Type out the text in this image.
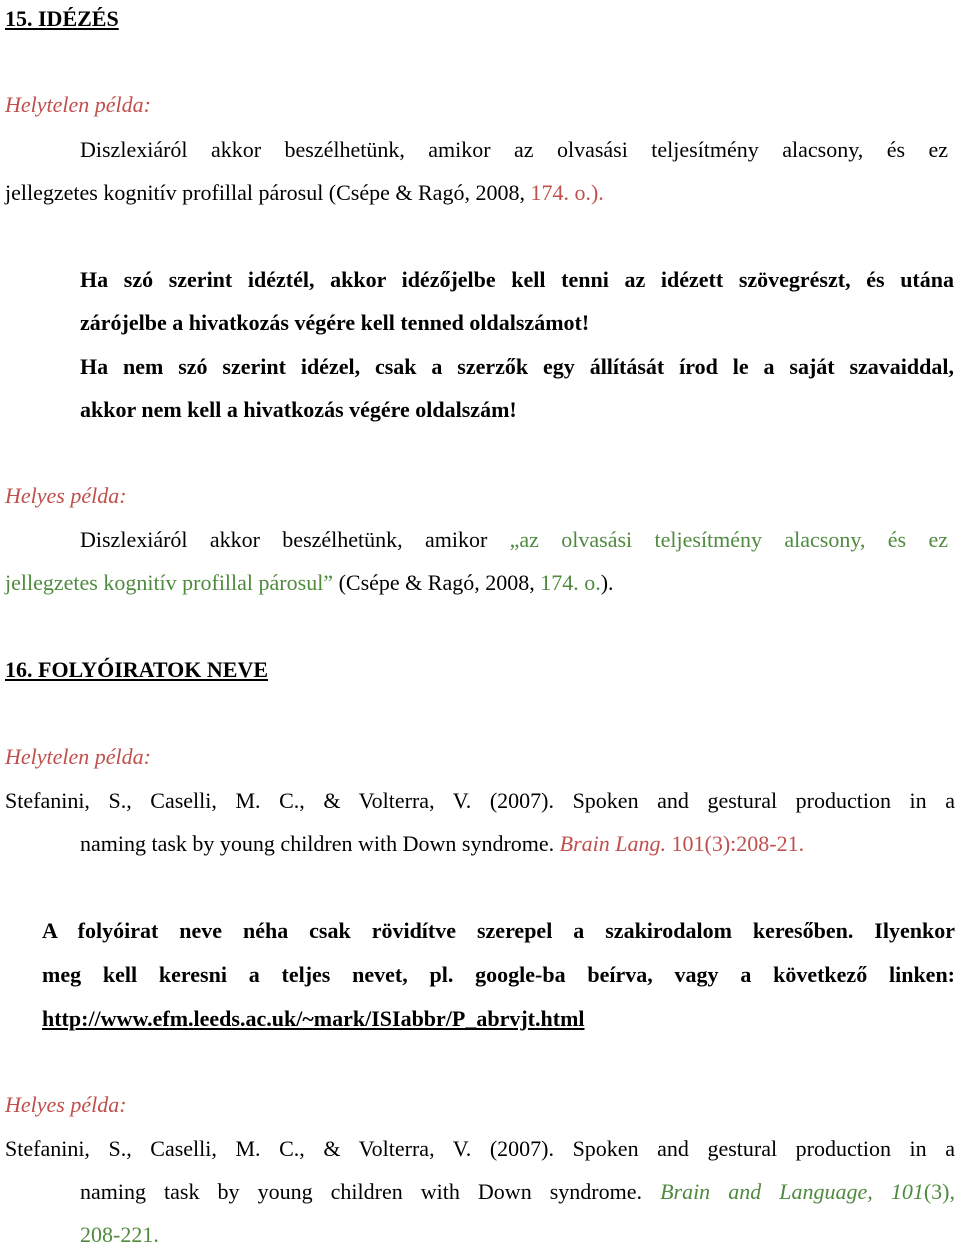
15. IDÉZÉS
Helytelen példa:
Diszlexiáról akkor beszélhetünk, amikor az olvasási teljesítmény alacsony, és ez
jellegzetes kognitív profillal párosul (Csépe & Ragó, 2008, 174. o.).
Ha szó szerint idéztél, akkor idézőjelbe kell tenni az idézett szövegrészt, és utána
zárójelbe a hivatkozás végére kell tenned oldalszámot!
Ha nem szó szerint idézel, csak a szerzők egy állítását írod le a saját szavaiddal,
akkor nem kell a hivatkozás végére oldalszám!
Helyes példa:
Diszlexiáról akkor beszélhetünk, amikor „az olvasási teljesítmény alacsony, és ez
jellegzetes kognitív profillal párosul” (Csépe & Ragó, 2008, 174. o.).
16. FOLYÓIRATOK NEVE
Helytelen példa:
Stefanini, S., Caselli, M. C., & Volterra, V. (2007). Spoken and gestural production in a
naming task by young children with Down syndrome. Brain Lang. 101(3):208-21.
A folyóirat neve néha csak rövidítve szerepel a szakirodalom keresőben. Ilyenkor
meg kell keresni a teljes nevet, pl. google-ba beírva, vagy a következő linken:
http://www.efm.leeds.ac.uk/~mark/ISIabbr/P_abrvjt.html
Helyes példa:
Stefanini, S., Caselli, M. C., & Volterra, V. (2007). Spoken and gestural production in a
naming task by young children with Down syndrome. Brain and Language, 101(3),
208-221.
